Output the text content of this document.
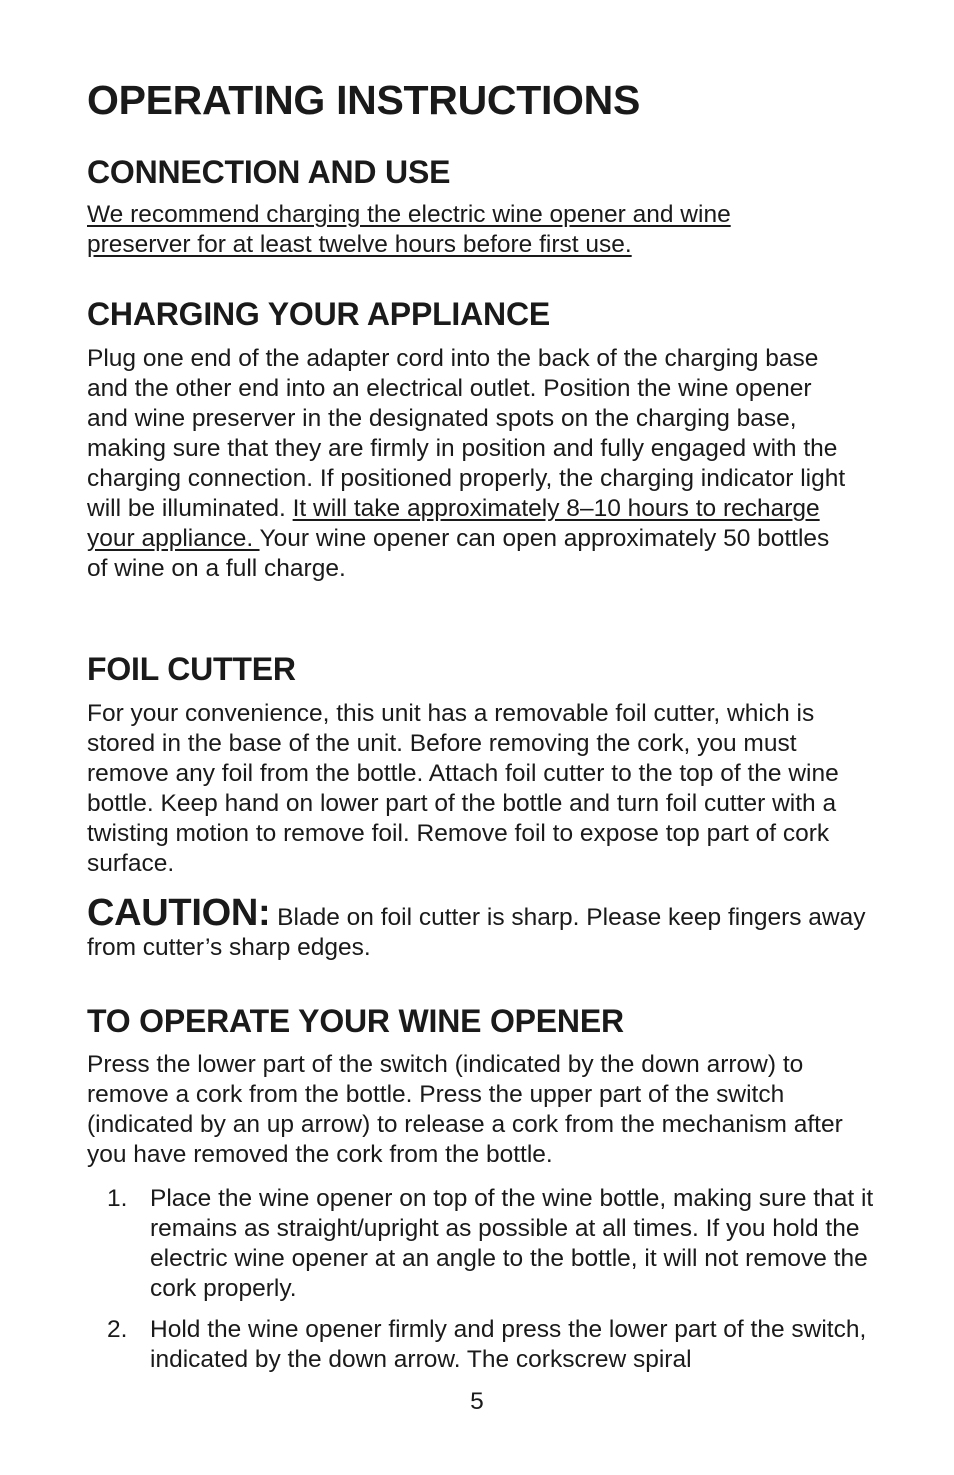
OPERATING INSTRUCTIONS
CONNECTION AND USE

We recommend charging the electric wine opener and wine preserver for at least twelve hours before first use.

CHARGING YOUR APPLIANCE

Plug one end of the adapter cord into the back of the charging base and the other end into an electrical outlet. Position the wine opener and wine preserver in the designated spots on the charging base, making sure that they are firmly in position and fully engaged with the charging connection. If positioned properly, the charging indicator light will be illuminated. It will take approximately 8–10 hours to recharge your appliance. Your wine opener can open approximately 50 bottles of wine on a full charge.

FOIL CUTTER

For your convenience, this unit has a removable foil cutter, which is stored in the base of the unit. Before removing the cork, you must remove any foil from the bottle. Attach foil cutter to the top of the wine bottle. Keep hand on lower part of the bottle and turn foil cutter with a twisting motion to remove foil. Remove foil to expose top part of cork surface.

CAUTION: Blade on foil cutter is sharp. Please keep fingers away from cutter’s sharp edges.

TO OPERATE YOUR WINE OPENER

Press the lower part of the switch (indicated by the down arrow) to remove a cork from the bottle. Press the upper part of the switch (indicated by an up arrow) to release a cork from the mechanism after you have removed the cork from the bottle.

1. Place the wine opener on top of the wine bottle, making sure that it remains as straight/upright as possible at all times. If you hold the electric wine opener at an angle to the bottle, it will not remove the cork properly.
2. Hold the wine opener firmly and press the lower part of the switch, indicated by the down arrow. The corkscrew spiral
5
